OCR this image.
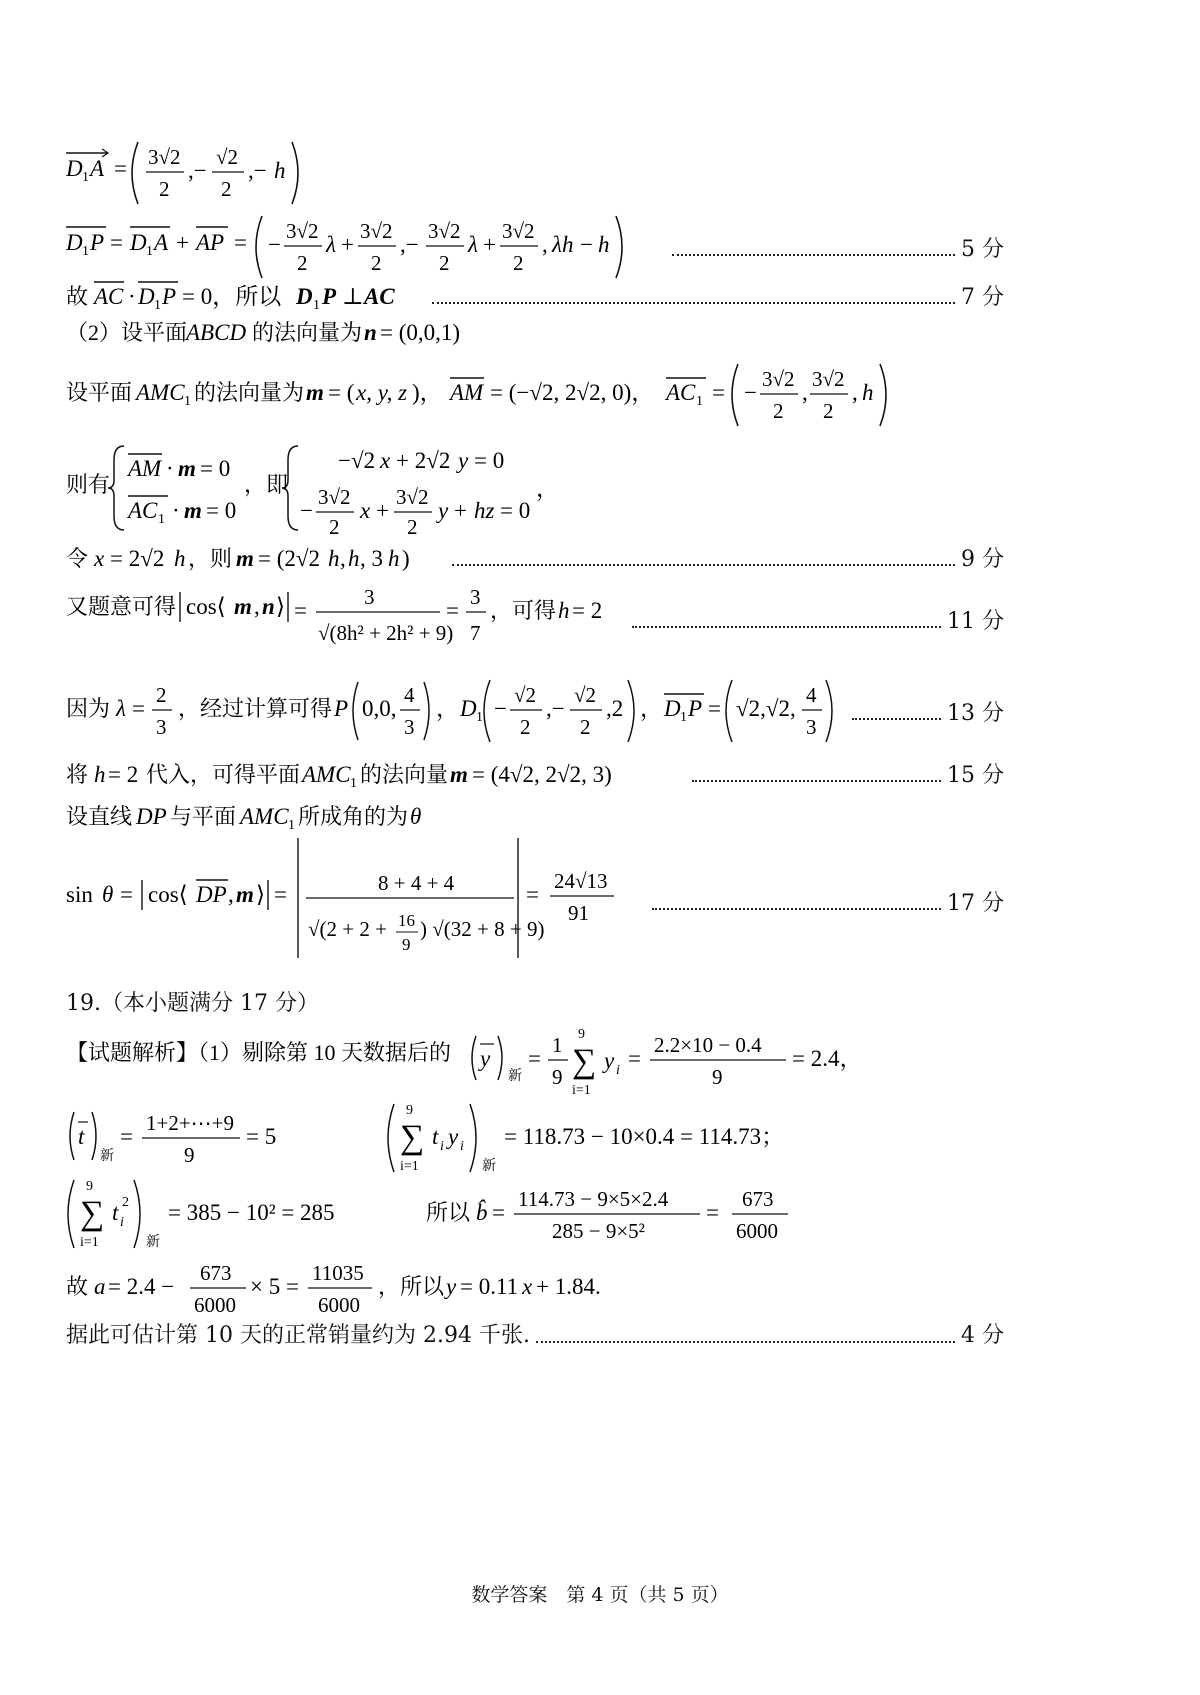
D 1 A = 3√2
2
,−
√2
2
,− h
D 1 P = D 1 A + AP = −
3√2
2
λ +
3√2
2
,−
3√2
2
λ +
3√2
2
, λh − h	5 分
故 AC · D 1 P = 0，所以 D 1 P ⊥ AC	7 分
（2）设平面
ABCD 的法向量为 n = (0,0,1)
设平面 AMC 1 的法向量为 m = ( x, y, z )， AM = (−√2, 2√2, 0)， AC 1 = −
3√2
2
,
3√2
2
, h
则有
AM · m = 0
AC 1 · m = 0
，即
−√2 x + 2√2 y = 0
−
3√2
2
x +
3√2
2
y + hz = 0
，
令 x = 2√2 h ，则 m = (2√2 h , h , 3 h )	9 分
又题意可得 cos⟨ m , n ⟩ =
3
√(8h² + 2h² + 9)
=
3
7
，可得 h = 2	11 分
因为 λ =
2
3
，经过计算可得 P 0,0,
4
3
， D 1 −
√2
2
,−
√2
2
,2 ， D 1 P = √2,√2,
4
3
13 分
将 h = 2 代入，可得平面 AMC 1 的法向量 m = (4√2, 2√2, 3)	15 分
设直线 DP 与平面 AMC 1 所成角的为 θ
sin θ = cos⟨ DP , m ⟩ =	8 + 4 + 4
√(2 + 2 + 16
9
) √(32 + 8 + 9)
=
24√13
91	17 分
19.（本小题满分 17 分）
【试题解析】（1）剔除第 10 天数据后的 y
新
=
1
9 ∑
9
i=1
y i =
2.2×10 − 0.4
9
= 2.4，
t
新
=
1+2+⋯+9
9
= 5	∑
9
i=1
t i y i
新
= 118.73 − 10×0.4 = 114.73；
∑
9
i=1
t i
2
新
= 385 − 10² = 285	所以 b̂ =
114.73 − 9×5×2.4
285 − 9×5²
=
673
6000
故 a = 2.4 −
673
6000
× 5 =
11035
6000
，所以 y = 0.11 x + 1.84.
据此可估计第 10 天的正常销量约为 2.94 千张.	4 分
数学答案　第 4 页（共 5 页）
